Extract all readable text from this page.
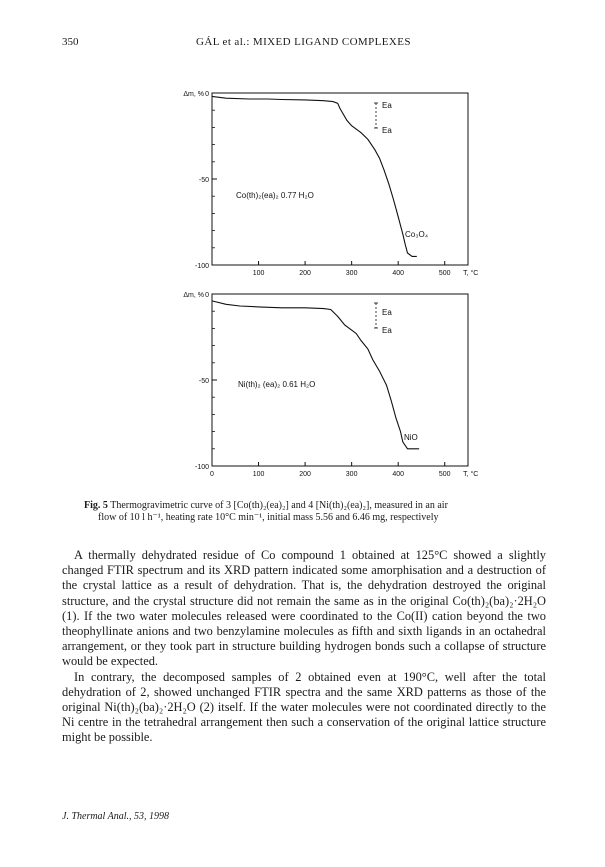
350	GÁL et al.: MIXED LIGAND COMPLEXES
0
-50
-100
Δm, %
100	200	300	400	500 T, °C
Ea
Ea
Co(th)₂(ea)₂ 0.77 H₂O
Co₃O₄
0
-50
-100
Δm, %
0	100	200	300	400	500 T, °C
Ea
Ea
Ni(th)₂ (ea)₂ 0.61 H₂O
NiO
Fig. 5 Thermogravimetric curve of 3 [Co(th)₂(ea)₂] and 4 [Ni(th)₂(ea)₂], measured in an air
flow of 10 l h⁻¹, heating rate 10°C min⁻¹, initial mass 5.56 and 6.46 mg, respectively

A thermally dehydrated residue of Co compound 1 obtained at 125°C showed a slightly changed FTIR spectrum and its XRD pattern indicated some amorphisation and a destruction of the crystal lattice as a result of dehydration. That is, the dehydration destroyed the original structure, and the crystal structure did not remain the same as in the original Co(th)₂(ba)₂·2H₂O (1). If the two water molecules released were coordinated to the Co(II) cation beyond the two theophyllinate anions and two benzylamine molecules as fifth and sixth ligands in an octahedral arrangement, or they took part in structure building hydrogen bonds such a collapse of structure would be expected.

In contrary, the decomposed samples of 2 obtained even at 190°C, well after the total dehydration of 2, showed unchanged FTIR spectra and the same XRD patterns as those of the original Ni(th)₂(ba)₂·2H₂O (2) itself. If the water molecules were not coordinated directly to the Ni centre in the tetrahedral arrangement then such a conservation of the original lattice structure might be possible.

J. Thermal Anal., 53, 1998
